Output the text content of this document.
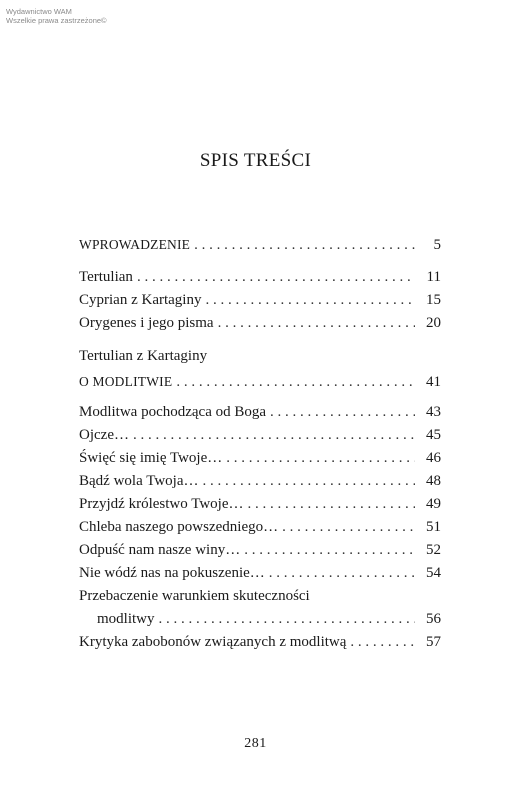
Wydawnictwo WAM
Wszelkie prawa zastrzeżone©
SPIS TREŚCI
WPROWADZENIE . . .	5
Tertulian . . .	11
Cyprian z Kartaginy . . .	15
Orygenes i jego pisma . . .	20
Tertulian z Kartaginy
O MODLITWIE . . .	41
Modlitwa pochodząca od Boga . . .	43
Ojcze… . . .	45
Święć się imię Twoje… . . .	46
Bądź wola Twoja… . . .	48
Przyjdź królestwo Twoje… . . .	49
Chleba naszego powszedniego… . . .	51
Odpuść nam nasze winy… . . .	52
Nie wódź nas na pokuszenie… . . .	54
Przebaczenie warunkiem skuteczności
modlitwy . . .	56
Krytyka zabobonów związanych z modlitwą . . .	57
281
